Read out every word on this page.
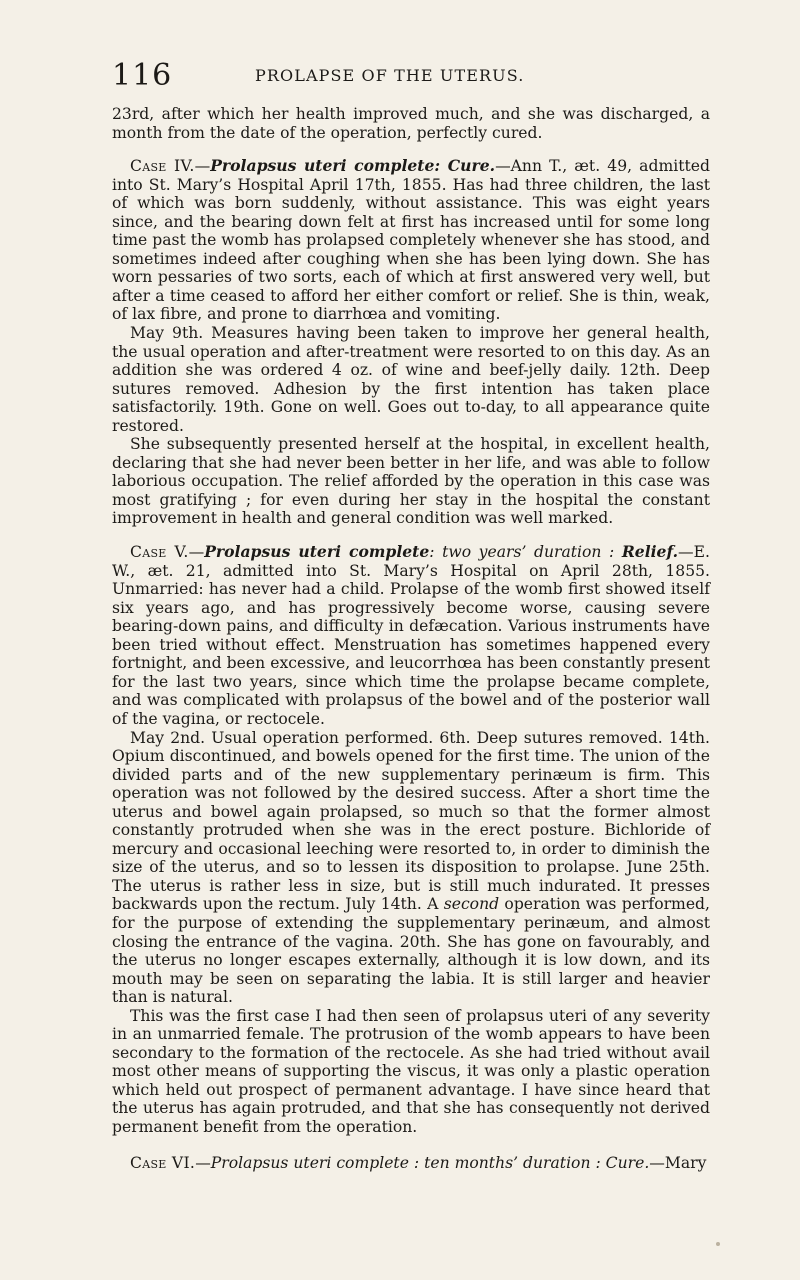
116	PROLAPSE OF THE UTERUS.

23rd, after which her health improved much, and she was discharged, a month from the date of the operation, perfectly cured.

Case IV.—Prolapsus uteri complete: Cure.—Ann T., æt. 49, admitted into St. Mary’s Hospital April 17th, 1855. Has had three children, the last of which was born suddenly, without assistance. This was eight years since, and the bearing down felt at first has increased until for some long time past the womb has prolapsed completely whenever she has stood, and sometimes indeed after coughing when she has been lying down. She has worn pessaries of two sorts, each of which at first answered very well, but after a time ceased to afford her either comfort or relief. She is thin, weak, of lax fibre, and prone to diarrhœa and vomiting.

May 9th. Measures having been taken to improve her general health, the usual operation and after-treatment were resorted to on this day. As an addition she was ordered 4 oz. of wine and beef-jelly daily. 12th. Deep sutures removed. Adhesion by the first intention has taken place satisfactorily. 19th. Gone on well. Goes out to-day, to all appearance quite restored.

She subsequently presented herself at the hospital, in excellent health, declaring that she had never been better in her life, and was able to follow laborious occupation. The relief afforded by the operation in this case was most gratifying ; for even during her stay in the hospital the constant improvement in health and general condition was well marked.

Case V.—Prolapsus uteri complete: two years’ duration : Relief.—E. W., æt. 21, admitted into St. Mary’s Hospital on April 28th, 1855. Unmarried: has never had a child. Prolapse of the womb first showed itself six years ago, and has progressively become worse, causing severe bearing-down pains, and difficulty in defæcation. Various instruments have been tried without effect. Menstruation has sometimes happened every fortnight, and been excessive, and leucorrhœa has been constantly present for the last two years, since which time the prolapse became complete, and was complicated with prolapsus of the bowel and of the posterior wall of the vagina, or rectocele.

May 2nd. Usual operation performed. 6th. Deep sutures removed. 14th. Opium discontinued, and bowels opened for the first time. The union of the divided parts and of the new supplementary perinæum is firm. This operation was not followed by the desired success. After a short time the uterus and bowel again prolapsed, so much so that the former almost constantly protruded when she was in the erect posture. Bichloride of mercury and occasional leeching were resorted to, in order to diminish the size of the uterus, and so to lessen its disposition to prolapse. June 25th. The uterus is rather less in size, but is still much indurated. It presses backwards upon the rectum. July 14th. A second operation was performed, for the purpose of extending the supplementary perinæum, and almost closing the entrance of the vagina. 20th. She has gone on favourably, and the uterus no longer escapes externally, although it is low down, and its mouth may be seen on separating the labia. It is still larger and heavier than is natural.

This was the first case I had then seen of prolapsus uteri of any severity in an unmarried female. The protrusion of the womb appears to have been secondary to the formation of the rectocele. As she had tried without avail most other means of supporting the viscus, it was only a plastic operation which held out prospect of permanent advantage. I have since heard that the uterus has again protruded, and that she has consequently not derived permanent benefit from the operation.

Case VI.—Prolapsus uteri complete : ten months’ duration : Cure.—Mary
